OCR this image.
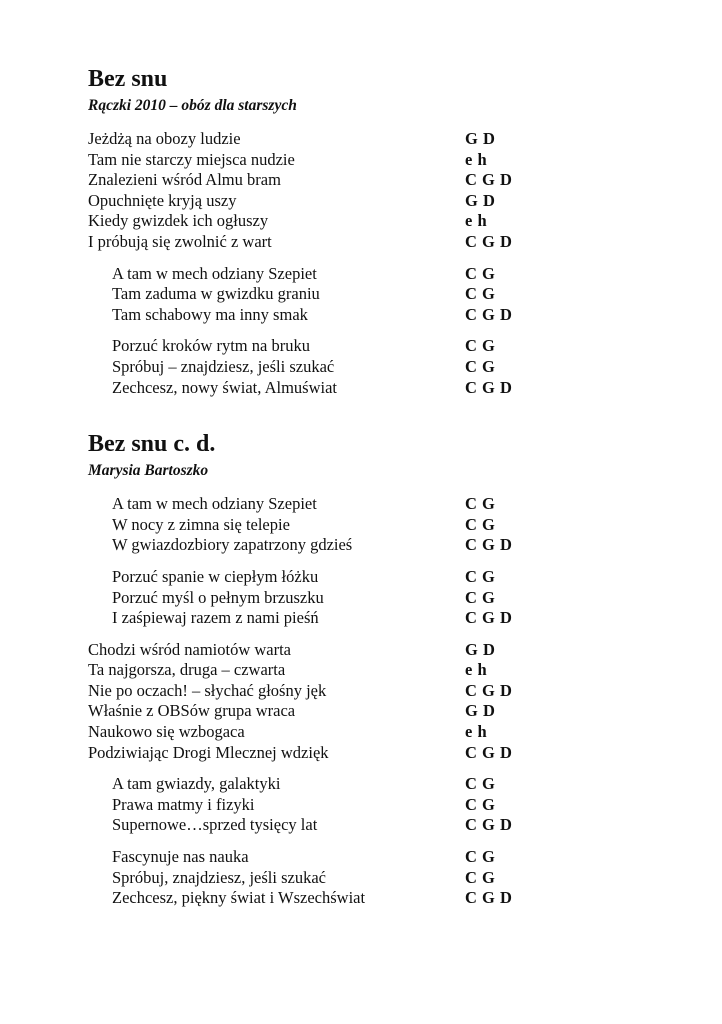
Bez snu
Rączki 2010 – obóz dla starszych
Jeżdżą na obozy ludzie	G D
Tam nie starczy miejsca nudzie	e h
Znalezieni wśród Almu bram	C G D
Opuchnięte kryją uszy	G D
Kiedy gwizdek ich ogłuszy	e h
I próbują się zwolnić z wart	C G D
A tam w mech odziany Szepiet	C G
Tam zaduma w gwizdku graniu	C G
Tam schabowy ma inny smak	C G D
Porzuć kroków rytm na bruku	C G
Spróbuj – znajdziesz, jeśli szukać	C G
Zechcesz, nowy świat, Almuświat	C G D
Bez snu c. d.
Marysia Bartoszko
A tam w mech odziany Szepiet	C G
W nocy z zimna się telepie	C G
W gwiazdozbiory zapatrzony gdzieś	C G D
Porzuć spanie w ciepłym łóżku	C G
Porzuć myśl o pełnym brzuszku	C G
I zaśpiewaj razem z nami pieśń	C G D
Chodzi wśród namiotów warta	G D
Ta najgorsza, druga – czwarta	e h
Nie po oczach! – słychać głośny jęk	C G D
Właśnie z OBSów grupa wraca	G D
Naukowo się wzbogaca	e h
Podziwiając Drogi Mlecznej wdzięk	C G D
A tam gwiazdy, galaktyki	C G
Prawa matmy i fizyki	C G
Supernowe…sprzed tysięcy lat	C G D
Fascynuje nas nauka	C G
Spróbuj, znajdziesz, jeśli szukać	C G
Zechcesz, piękny świat i Wszechświat	C G D
